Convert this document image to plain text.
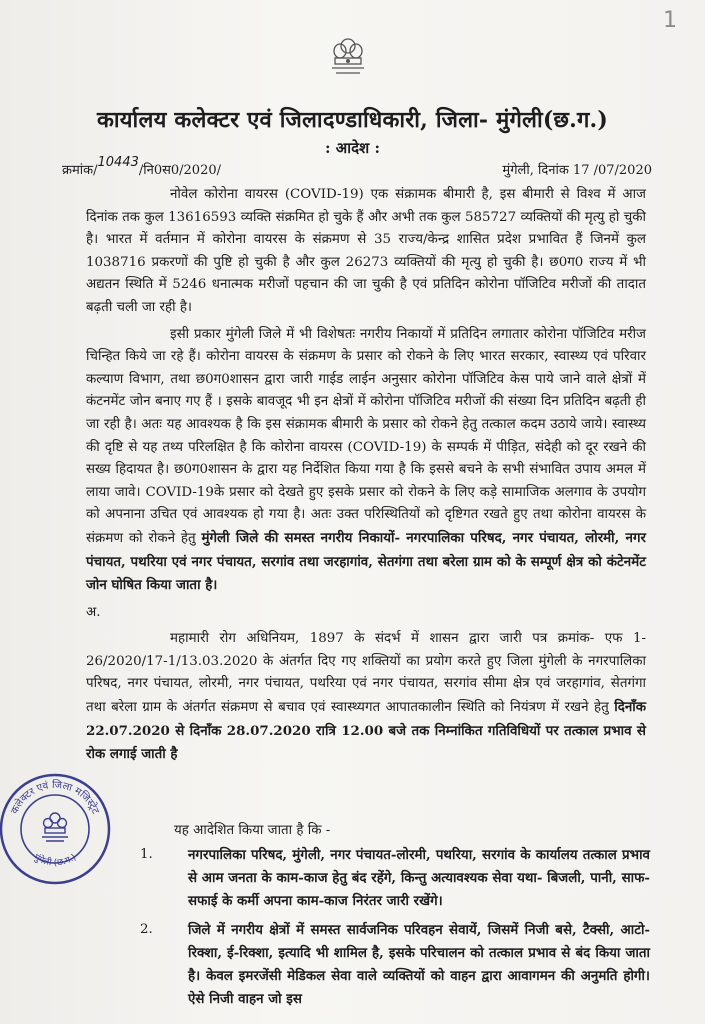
1
कार्यालय कलेक्टर एवं जिलादण्डाधिकारी, जिला- मुंगेली(छ.ग.)
: आदेश :
क्रमांक/10443/नि0स0/2020/	मुंगेली, दिनांक 17 /07/2020

नोवेल कोरोना वायरस (COVID-19) एक संक्रामक बीमारी है, इस बीमारी से विश्व में आज दिनांक तक कुल 13616593 व्यक्ति संक्रमित हो चुके हैं और अभी तक कुल 585727 व्यक्तियों की मृत्यु हो चुकी है। भारत में वर्तमान में कोरोना वायरस के संक्रमण से 35 राज्य/केन्द्र शासित प्रदेश प्रभावित हैं जिनमें कुल 1038716 प्रकरणों की पुष्टि हो चुकी है और कुल 26273 व्यक्तियों की मृत्यु हो चुकी है। छ0ग0 राज्य में भी अद्यतन स्थिति में 5246 धनात्मक मरीजों पहचान की जा चुकी है एवं प्रतिदिन कोरोना पॉजिटिव मरीजों की तादात बढ़ती चली जा रही है।

इसी प्रकार मुंगेली जिले में भी विशेषतः नगरीय निकायों में प्रतिदिन लगातार कोरोना पॉजिटिव मरीज चिन्हित किये जा रहे हैं। कोरोना वायरस के संक्रमण के प्रसार को रोकने के लिए भारत सरकार, स्वास्थ्य एवं परिवार कल्याण विभाग, तथा छ0ग0शासन द्वारा जारी गाईड लाईन अनुसार कोरोना पॉजिटिव केस पाये जाने वाले क्षेत्रों में कंटनमेंट जोन बनाए गए हैं । इसके बावजूद भी इन क्षेत्रों में कोरोना पॉजिटिव मरीजों की संख्या दिन प्रतिदिन बढ़ती ही जा रही है। अतः यह आवश्यक है कि इस संक्रामक बीमारी के प्रसार को रोकने हेतु तत्काल कदम उठाये जाये। स्वास्थ्य की दृष्टि से यह तथ्य परिलक्षित है कि कोरोना वायरस (COVID-19) के सम्पर्क में पीड़ित, संदेही को दूर रखने की सख्य हिदायत है। छ0ग0शासन के द्वारा यह निर्देशित किया गया है कि इससे बचने के सभी संभावित उपाय अमल में लाया जावे। COVID-19के प्रसार को देखते हुए इसके प्रसार को रोकने के लिए कड़े सामाजिक अलगाव के उपयोग को अपनाना उचित एवं आवश्यक हो गया है। अतः उक्त परिस्थितियों को दृष्टिगत रखते हुए तथा कोरोना वायरस के संक्रमण को रोकने हेतु मुंगेली जिले की समस्त नगरीय निकायों- नगरपालिका परिषद, नगर पंचायत, लोरमी, नगर पंचायत, पथरिया एवं नगर पंचायत, सरगांव तथा जरहागांव, सेतगंगा तथा बरेला ग्राम को के सम्पूर्ण क्षेत्र को कंटेनमेंट जोन घोषित किया जाता है।

अ.

महामारी रोग अधिनियम, 1897 के संदर्भ में शासन द्वारा जारी पत्र क्रमांक- एफ 1-26/2020/17-1/13.03.2020 के अंतर्गत दिए गए शक्तियों का प्रयोग करते हुए जिला मुंगेली के नगरपालिका परिषद, नगर पंचायत, लोरमी, नगर पंचायत, पथरिया एवं नगर पंचायत, सरगांव सीमा क्षेत्र एवं जरहागांव, सेतगंगा तथा बरेला ग्राम के अंतर्गत संक्रमण से बचाव एवं स्वास्थ्यगत आपातकालीन स्थिति को नियंत्रण में रखने हेतु दिनाँक 22.07.2020 से दिनाँक 28.07.2020 रात्रि 12.00 बजे तक निम्नांकित गतिविधियों पर तत्काल प्रभाव से रोक लगाई जाती है

यह आदेशित किया जाता है कि -

1.	नगरपालिका परिषद, मुंगेली, नगर पंचायत-लोरमी, पथरिया, सरगांव के कार्यालय तत्काल प्रभाव से आम जनता के काम-काज हेतु बंद रहेंगे, किन्तु अत्यावश्यक सेवा यथा- बिजली, पानी, साफ-सफाई के कर्मी अपना काम-काज निरंतर जारी रखेंगे।
2.	जिले में नगरीय क्षेत्रों में समस्त सार्वजनिक परिवहन सेवायें, जिसमें निजी बसे, टैक्सी, आटो-रिक्शा, ई-रिक्शा, इत्यादि भी शामिल है, इसके परिचालन को तत्काल प्रभाव से बंद किया जाता है। केवल इमरजेंसी मेडिकल सेवा वाले व्यक्तियों को वाहन द्वारा आवागमन की अनुमति होगी। ऐसे निजी वाहन जो इस
कलेक्टर एवं जिला मजिस्ट्रेट
मुंगेली (छ.ग.)
